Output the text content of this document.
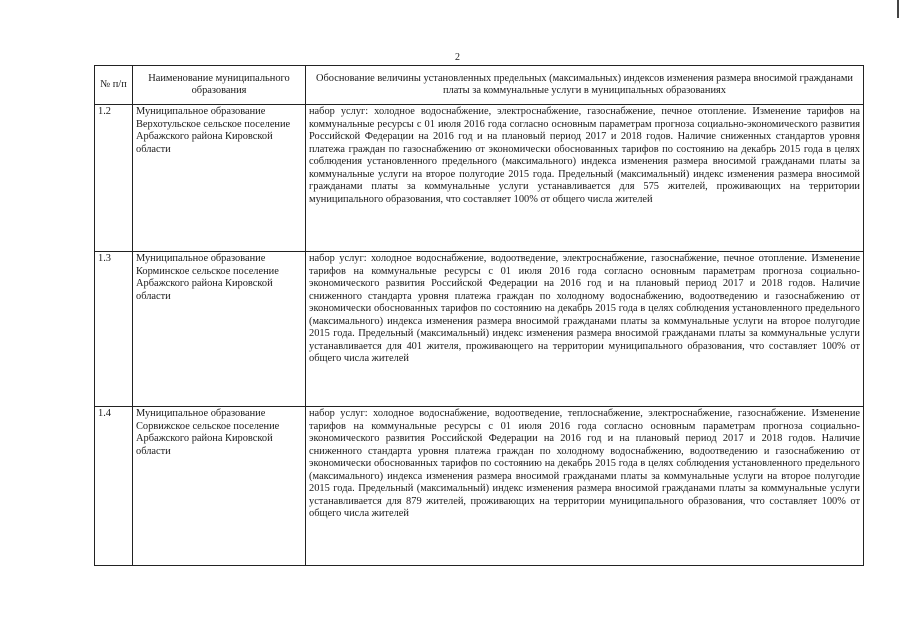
2
№ п/п	Наименование муниципального образования	Обоснование величины установленных предельных (максимальных) индексов изменения размера вносимой гражданами платы за коммунальные услуги в муниципальных образованиях
1.2	Муниципальное образование Верхотульское сельское поселение Арбажского района Кировской области	набор услуг: холодное водоснабжение, электроснабжение, газоснабжение, печное отопление. Изменение тарифов на коммунальные ресурсы с 01 июля 2016 года согласно основным параметрам прогноза социально-экономического развития Российской Федерации на 2016 год и на плановый период 2017 и 2018 годов. Наличие сниженных стандартов уровня платежа граждан по газоснабжению от экономически обоснованных тарифов по состоянию на декабрь 2015 года в целях соблюдения установленного предельного (максимального) индекса изменения размера вносимой гражданами платы за коммунальные услуги на второе полугодие 2015 года. Предельный (максимальный) индекс изменения размера вносимой гражданами платы за коммунальные услуги устанавливается для 575 жителей, проживающих на территории муниципального образования, что составляет 100% от общего числа жителей
1.3	Муниципальное образование Корминское сельское поселение Арбажского района Кировской области	набор услуг: холодное водоснабжение, водоотведение, электроснабжение, газоснабжение, печное отопление. Изменение тарифов на коммунальные ресурсы с 01 июля 2016 года согласно основным параметрам прогноза социально-экономического развития Российской Федерации на 2016 год и на плановый период 2017 и 2018 годов. Наличие сниженного стандарта уровня платежа граждан по холодному водоснабжению, водоотведению и газоснабжению от экономически обоснованных тарифов по состоянию на декабрь 2015 года в целях соблюдения установленного предельного (максимального) индекса изменения размера вносимой гражданами платы за коммунальные услуги на второе полугодие 2015 года. Предельный (максимальный) индекс изменения размера вносимой гражданами платы за коммунальные услуги устанавливается для 401 жителя, проживающего на территории муниципального образования, что составляет 100% от общего числа жителей
1.4	Муниципальное образование Сорвижское сельское поселение Арбажского района Кировской области	набор услуг: холодное водоснабжение, водоотведение, теплоснабжение, электроснабжение, газоснабжение. Изменение тарифов на коммунальные ресурсы с 01 июля 2016 года согласно основным параметрам прогноза социально-экономического развития Российской Федерации на 2016 год и на плановый период 2017 и 2018 годов. Наличие сниженного стандарта уровня платежа граждан по холодному водоснабжению, водоотведению и газоснабжению от экономически обоснованных тарифов по состоянию на декабрь 2015 года в целях соблюдения установленного предельного (максимального) индекса изменения размера вносимой гражданами платы за коммунальные услуги на второе полугодие 2015 года. Предельный (максимальный) индекс изменения размера вносимой гражданами платы за коммунальные услуги устанавливается для 879 жителей, проживающих на территории муниципального образования, что составляет 100% от общего числа жителей
